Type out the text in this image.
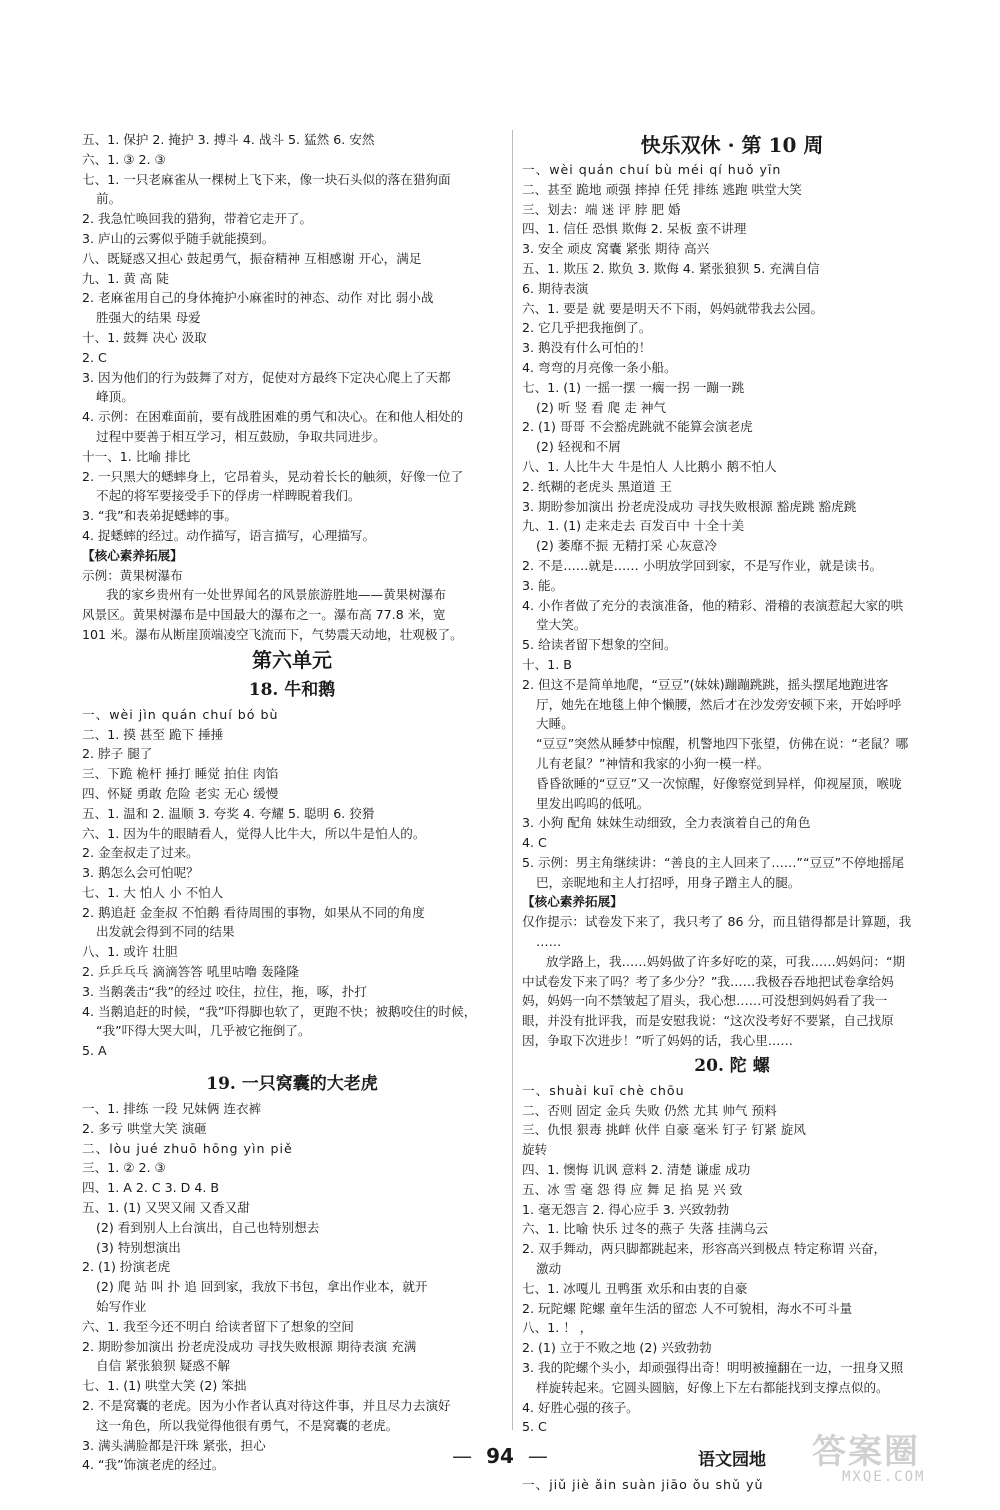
五、1. 保护 2. 掩护 3. 搏斗 4. 战斗 5. 猛然 6. 安然
六、1. ③ 2. ③
七、1. 一只老麻雀从一棵树上飞下来，像一块石头似的落在猎狗面
前。
2. 我急忙唤回我的猎狗，带着它走开了。
3. 庐山的云雾似乎随手就能摸到。
八、既疑惑又担心 鼓起勇气，振奋精神 互相感谢 开心，满足
九、1. 黄 高 陡
2. 老麻雀用自己的身体掩护小麻雀时的神态、动作 对比 弱小战
胜强大的结果 母爱
十、1. 鼓舞 决心 汲取
2. C
3. 因为他们的行为鼓舞了对方，促使对方最终下定决心爬上了天都
峰顶。
4. 示例：在困难面前，要有战胜困难的勇气和决心。在和他人相处的
过程中要善于相互学习，相互鼓励，争取共同进步。
十一、1. 比喻 排比
2. 一只黑大的蟋蟀身上，它昂着头，晃动着长长的触须，好像一位了
不起的将军要接受手下的俘虏一样睥睨着我们。
3. “我”和表弟捉蟋蟀的事。
4. 捉蟋蟀的经过。动作描写，语言描写，心理描写。
【核心素养拓展】
示例：黄果树瀑布
我的家乡贵州有一处世界闻名的风景旅游胜地——黄果树瀑布
风景区。黄果树瀑布是中国最大的瀑布之一。瀑布高 77.8 米，宽
101 米。瀑布从断崖顶端凌空飞流而下，气势震天动地，壮观极了。
第六单元
18. 牛和鹅
一、wèi jìn quán chuí bó bù
二、1. 摸 甚至 跪下 捶捶
2. 脖子 腿了
三、下跪 桅杆 捶打 睡觉 拍住 肉馅
四、怀疑 勇敢 危险 老实 无心 缓慢
五、1. 温和 2. 温顺 3. 夸奖 4. 夸耀 5. 聪明 6. 狡猾
六、1. 因为牛的眼睛看人，觉得人比牛大，所以牛是怕人的。
2. 金奎叔走了过来。
3. 鹅怎么会可怕呢？
七、1. 大 怕人 小 不怕人
2. 鹅追赶 金奎叔 不怕鹅 看待周围的事物，如果从不同的角度
出发就会得到不同的结果
八、1. 或许 壮胆
2. 乒乒乓乓 滴滴答答 吼里咕噜 轰隆隆
3. 当鹅袭击“我”的经过 咬住，拉住，拖，啄，扑打
4. 当鹅追赶的时候，“我”吓得脚也软了，更跑不快；被鹅咬住的时候，
“我”吓得大哭大叫，几乎被它拖倒了。
5. A
19. 一只窝囊的大老虎
一、1. 排练 一段 兄妹俩 连衣裤
2. 多亏 哄堂大笑 演砸
二、lòu jué zhuō hōng yìn piě
三、1. ② 2. ③
四、1. A 2. C 3. D 4. B
五、1. (1) 又哭又闹 又香又甜
(2) 看到别人上台演出，自己也特别想去
(3) 特别想演出
2. (1) 扮演老虎
(2) 爬 站 叫 扑 追 回到家，我放下书包，拿出作业本，就开
始写作业
六、1. 我至今还不明白 给读者留下了想象的空间
2. 期盼参加演出 扮老虎没成功 寻找失败根源 期待表演 充满
自信 紧张狼狈 疑惑不解
七、1. (1) 哄堂大笑 (2) 笨拙
2. 不是窝囊的老虎。因为小作者认真对待这件事，并且尽力去演好
这一角色，所以我觉得他很有勇气，不是窝囊的老虎。
3. 满头满脸都是汗珠 紧张，担心
4. “我”饰演老虎的经过。
快乐双休 · 第 10 周
一、wèi quán chuí bù méi qí huǒ yīn
二、甚至 跪地 顽强 摔掉 任凭 排练 逃跑 哄堂大笑
三、划去：端 迷 评 脖 肥 婚
四、1. 信任 恐惧 欺侮 2. 呆板 蛮不讲理
3. 安全 顽皮 窝囊 紧张 期待 高兴
五、1. 欺压 2. 欺负 3. 欺侮 4. 紧张狼狈 5. 充满自信
6. 期待表演
六、1. 要是 就 要是明天不下雨，妈妈就带我去公园。
2. 它几乎把我拖倒了。
3. 鹅没有什么可怕的！
4. 弯弯的月亮像一条小船。
七、1. (1) 一摇一摆 一瘸一拐 一蹦一跳
(2) 听 竖 看 爬 走 神气
2. (1) 哥哥 不会豁虎跳就不能算会演老虎
(2) 轻视和不屑
八、1. 人比牛大 牛是怕人 人比鹅小 鹅不怕人
2. 纸糊的老虎头 黑道道 王
3. 期盼参加演出 扮老虎没成功 寻找失败根源 豁虎跳 豁虎跳
九、1. (1) 走来走去 百发百中 十全十美
(2) 萎靡不振 无精打采 心灰意冷
2. 不是……就是…… 小明放学回到家，不是写作业，就是读书。
3. 能。
4. 小作者做了充分的表演准备，他的精彩、滑稽的表演惹起大家的哄
堂大笑。
5. 给读者留下想象的空间。
十、1. B
2. 但这不是简单地爬，“豆豆”(妹妹)蹦蹦跳跳，摇头摆尾地跑进客
厅，她先在地毯上伸个懒腰，然后才在沙发旁安顿下来，开始呼呼
大睡。
“豆豆”突然从睡梦中惊醒，机警地四下张望，仿佛在说：“老鼠？哪
儿有老鼠？”神情和我家的小狗一模一样。
昏昏欲睡的“豆豆”又一次惊醒，好像察觉到异样，仰视屋顶，喉咙
里发出呜呜的低吼。
3. 小狗 配角 妹妹生动细致，全力表演着自己的角色
4. C
5. 示例：男主角继续讲：“善良的主人回来了……”“豆豆”不停地摇尾
巴，亲昵地和主人打招呼，用身子蹭主人的腿。
【核心素养拓展】
仅作提示：试卷发下来了，我只考了 86 分，而且错得都是计算题，我
……
放学路上，我……妈妈做了许多好吃的菜，可我……妈妈问：“期
中试卷发下来了吗？考了多少分？”我……我极吞吞地把试卷拿给妈
妈，妈妈一向不禁皱起了眉头，我心想……可没想到妈妈看了我一
眼，并没有批评我，而是安慰我说：“这次没考好不要紧，自己找原
因，争取下次进步！”听了妈妈的话，我心里……
20. 陀 螺
一、shuài kuī chè chōu
二、否则 固定 金兵 失败 仍然 尤其 帅气 预料
三、仇恨 狠毒 挑衅 伙伴 自豪 毫米 钉子 钉紧 旋风
旋转
四、1. 懊悔 讥讽 意料 2. 清楚 谦虚 成功
五、冰 雪 毫 怨 得 应 舞 足 掐 晃 兴 致
1. 毫无怨言 2. 得心应手 3. 兴致勃勃
六、1. 比喻 快乐 过冬的燕子 失落 挂满乌云
2. 双手舞动，两只脚都跳起来，形容高兴到极点 特定称谓 兴奋，
激动
七、1. 冰嘎儿 丑鸭蛋 欢乐和由衷的自豪
2. 玩陀螺 陀螺 童年生活的留恋 人不可貌相，海水不可斗量
八、1. ！ ，
2. (1) 立于不败之地 (2) 兴致勃勃
3. 我的陀螺个头小，却顽强得出奇！明明被撞翻在一边，一扭身又照
样旋转起来。它圆头圆脑，好像上下左右都能找到支撑点似的。
4. 好胜心强的孩子。
5. C
语文园地
一、jiǔ jiè ǎin suàn jiāo ǒu shǔ yǔ
— 94 —	答案圈
MXQE.COM
